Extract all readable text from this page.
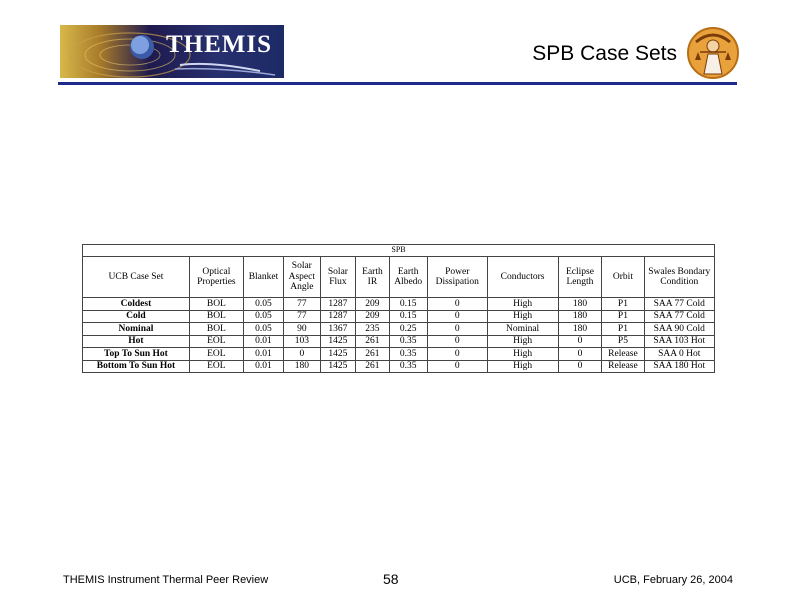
THEMIS	SPB Case Sets
SPB											
UCB Case Set	Optical Properties	Blanket	Solar Aspect Angle	Solar Flux	Earth IR	Earth Albedo	Power Dissipation	Conductors	Eclipse Length	Orbit	Swales Bondary Condition
Coldest	BOL	0.05	77	1287	209	0.15	0	High	180	P1	SAA 77 Cold
Cold	BOL	0.05	77	1287	209	0.15	0	High	180	P1	SAA 77 Cold
Nominal	BOL	0.05	90	1367	235	0.25	0	Nominal	180	P1	SAA 90 Cold
Hot	EOL	0.01	103	1425	261	0.35	0	High	0	P5	SAA 103 Hot
Top To Sun Hot	EOL	0.01	0	1425	261	0.35	0	High	0	Release	SAA 0 Hot
Bottom To Sun Hot	EOL	0.01	180	1425	261	0.35	0	High	0	Release	SAA 180 Hot
THEMIS Instrument Thermal Peer Review	58	UCB, February 26, 2004
